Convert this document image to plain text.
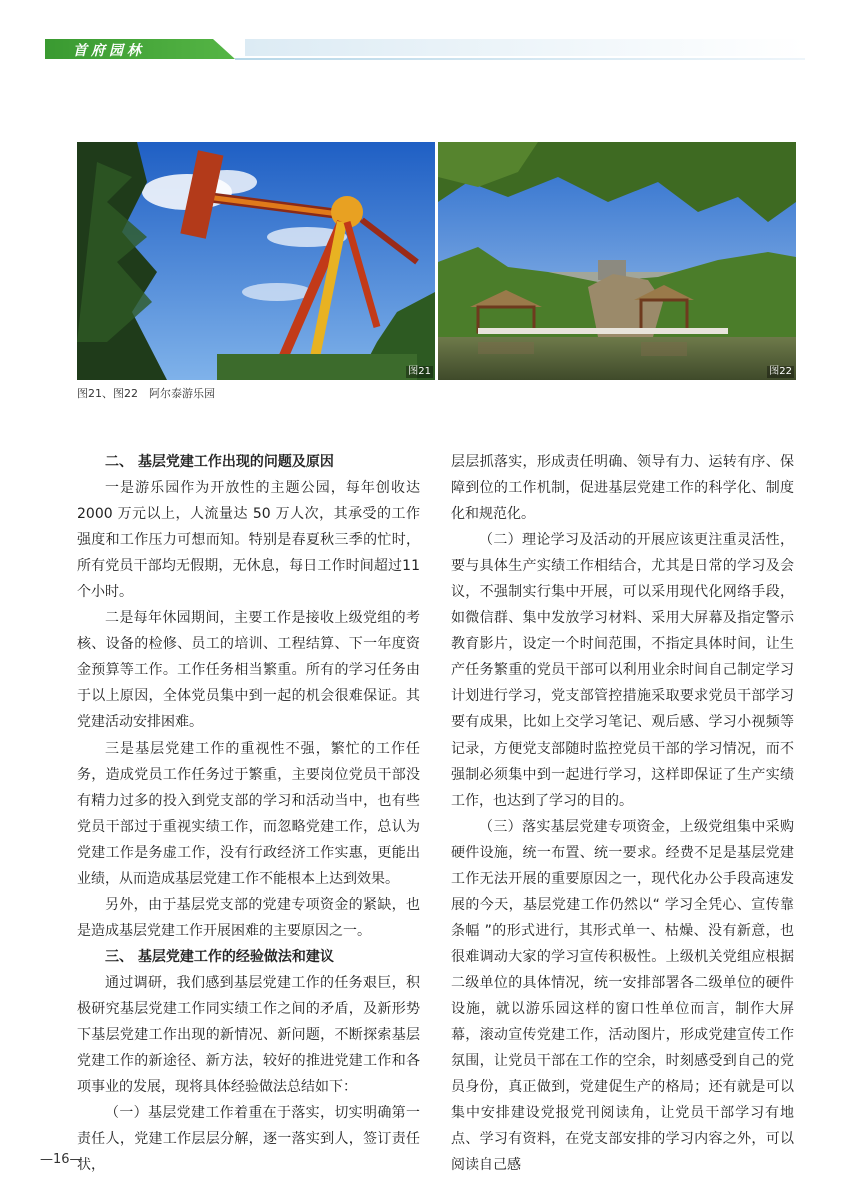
首府园林
图21	图22
图21、图22　阿尔泰游乐园

二、 基层党建工作出现的问题及原因

一是游乐园作为开放性的主题公园，每年创收达2000 万元以上，人流量达 50 万人次，其承受的工作强度和工作压力可想而知。特别是春夏秋三季的忙时，所有党员干部均无假期，无休息，每日工作时间超过11 个小时。

二是每年休园期间，主要工作是接收上级党组的考核、设备的检修、员工的培训、工程结算、下一年度资金预算等工作。工作任务相当繁重。所有的学习任务由于以上原因，全体党员集中到一起的机会很难保证。其党建活动安排困难。

三是基层党建工作的重视性不强，繁忙的工作任务，造成党员工作任务过于繁重，主要岗位党员干部没有精力过多的投入到党支部的学习和活动当中，也有些党员干部过于重视实绩工作，而忽略党建工作，总认为党建工作是务虚工作，没有行政经济工作实惠，更能出业绩，从而造成基层党建工作不能根本上达到效果。

另外，由于基层党支部的党建专项资金的紧缺，也是造成基层党建工作开展困难的主要原因之一。

三、 基层党建工作的经验做法和建议

通过调研，我们感到基层党建工作的任务艰巨，积极研究基层党建工作同实绩工作之间的矛盾，及新形势下基层党建工作出现的新情况、新问题，不断探索基层党建工作的新途径、新方法，较好的推进党建工作和各项事业的发展，现将具体经验做法总结如下：

（一）基层党建工作着重在于落实，切实明确第一责任人，党建工作层层分解，逐一落实到人，签订责任状，

层层抓落实，形成责任明确、领导有力、运转有序、保障到位的工作机制，促进基层党建工作的科学化、制度化和规范化。

（二）理论学习及活动的开展应该更注重灵活性，要与具体生产实绩工作相结合，尤其是日常的学习及会议，不强制实行集中开展，可以采用现代化网络手段，如微信群、集中发放学习材料、采用大屏幕及指定警示教育影片，设定一个时间范围，不指定具体时间，让生产任务繁重的党员干部可以利用业余时间自己制定学习计划进行学习，党支部管控措施采取要求党员干部学习要有成果，比如上交学习笔记、观后感、学习小视频等记录，方便党支部随时监控党员干部的学习情况，而不强制必须集中到一起进行学习，这样即保证了生产实绩工作，也达到了学习的目的。

（三）落实基层党建专项资金，上级党组集中采购硬件设施，统一布置、统一要求。经费不足是基层党建工作无法开展的重要原因之一，现代化办公手段高速发展的今天，基层党建工作仍然以“ 学习全凭心、宣传靠条幅 ”的形式进行，其形式单一、枯燥、没有新意，也很难调动大家的学习宣传积极性。上级机关党组应根据二级单位的具体情况，统一安排部署各二级单位的硬件设施，就以游乐园这样的窗口性单位而言，制作大屏幕，滚动宣传党建工作，活动图片，形成党建宣传工作氛围，让党员干部在工作的空余，时刻感受到自己的党员身份，真正做到，党建促生产的格局；还有就是可以集中安排建设党报党刊阅读角，让党员干部学习有地点、学习有资料，在党支部安排的学习内容之外，可以阅读自己感

—16—
